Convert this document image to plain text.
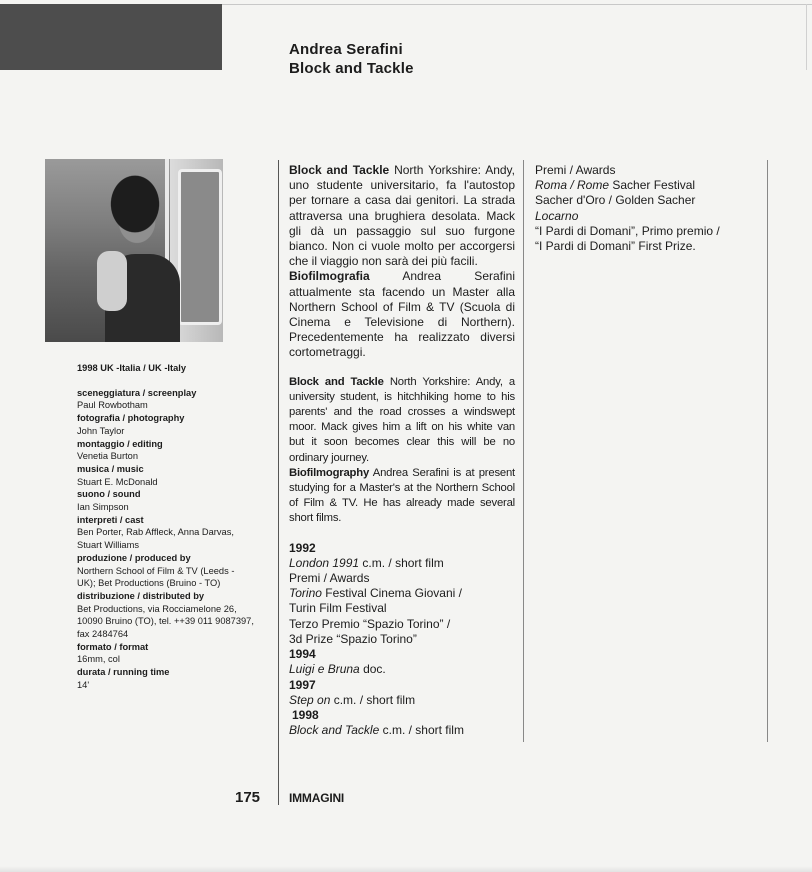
Andrea Serafini
Block and Tackle
1998 UK -Italia / UK -Italy
sceneggiatura / screenplay
Paul Rowbotham
fotografia / photography
John Taylor
montaggio / editing
Venetia Burton
musica / music
Stuart E. McDonald
suono / sound
Ian Simpson
interpreti / cast
Ben Porter, Rab Affleck, Anna Darvas, Stuart Williams
produzione / produced by
Northern School of Film & TV (Leeds - UK); Bet Productions (Bruino - TO)
distribuzione / distributed by
Bet Productions, via Rocciamelone 26, 10090 Bruino (TO), tel. ++39 011 9087397, fax 2484764
formato / format
16mm, col
durata / running time
14'
Block and Tackle North Yorkshire: Andy, uno studente universitario, fa l'autostop per tornare a casa dai genitori. La strada attraversa una brughiera desolata. Mack gli dà un passaggio sul suo furgone bianco. Non ci vuole molto per accorgersi che il viaggio non sarà dei più facili.
Biofilmografia	Andrea Serafini attualmente sta facendo un Master alla Northern School of Film & TV (Scuola di Cinema e Televisione di Northern). Precedentemente ha realizzato diversi cortometraggi.
Block and Tackle North Yorkshire: Andy, a university student, is hitchhiking home to his parents' and the road crosses a windswept moor. Mack gives him a lift on his white van but it soon becomes clear this will be no ordinary journey.
Biofilmography Andrea Serafini is at present studying for a Master's at the Northern School of Film & TV. He has already made several short films.
1992
London 1991 c.m. / short film
Premi / Awards
Torino Festival Cinema Giovani /
Turin Film Festival
Terzo Premio “Spazio Torino” /
3d Prize “Spazio Torino”
1994
Luigi e Bruna doc.
1997
Step on c.m. / short film
1998
Block and Tackle c.m. / short film
Premi / Awards
Roma / Rome Sacher Festival
Sacher d'Oro / Golden Sacher
Locarno
“I Pardi di Domani”, Primo premio /
“I Pardi di Domani” First Prize.
175 IMMAGINI
